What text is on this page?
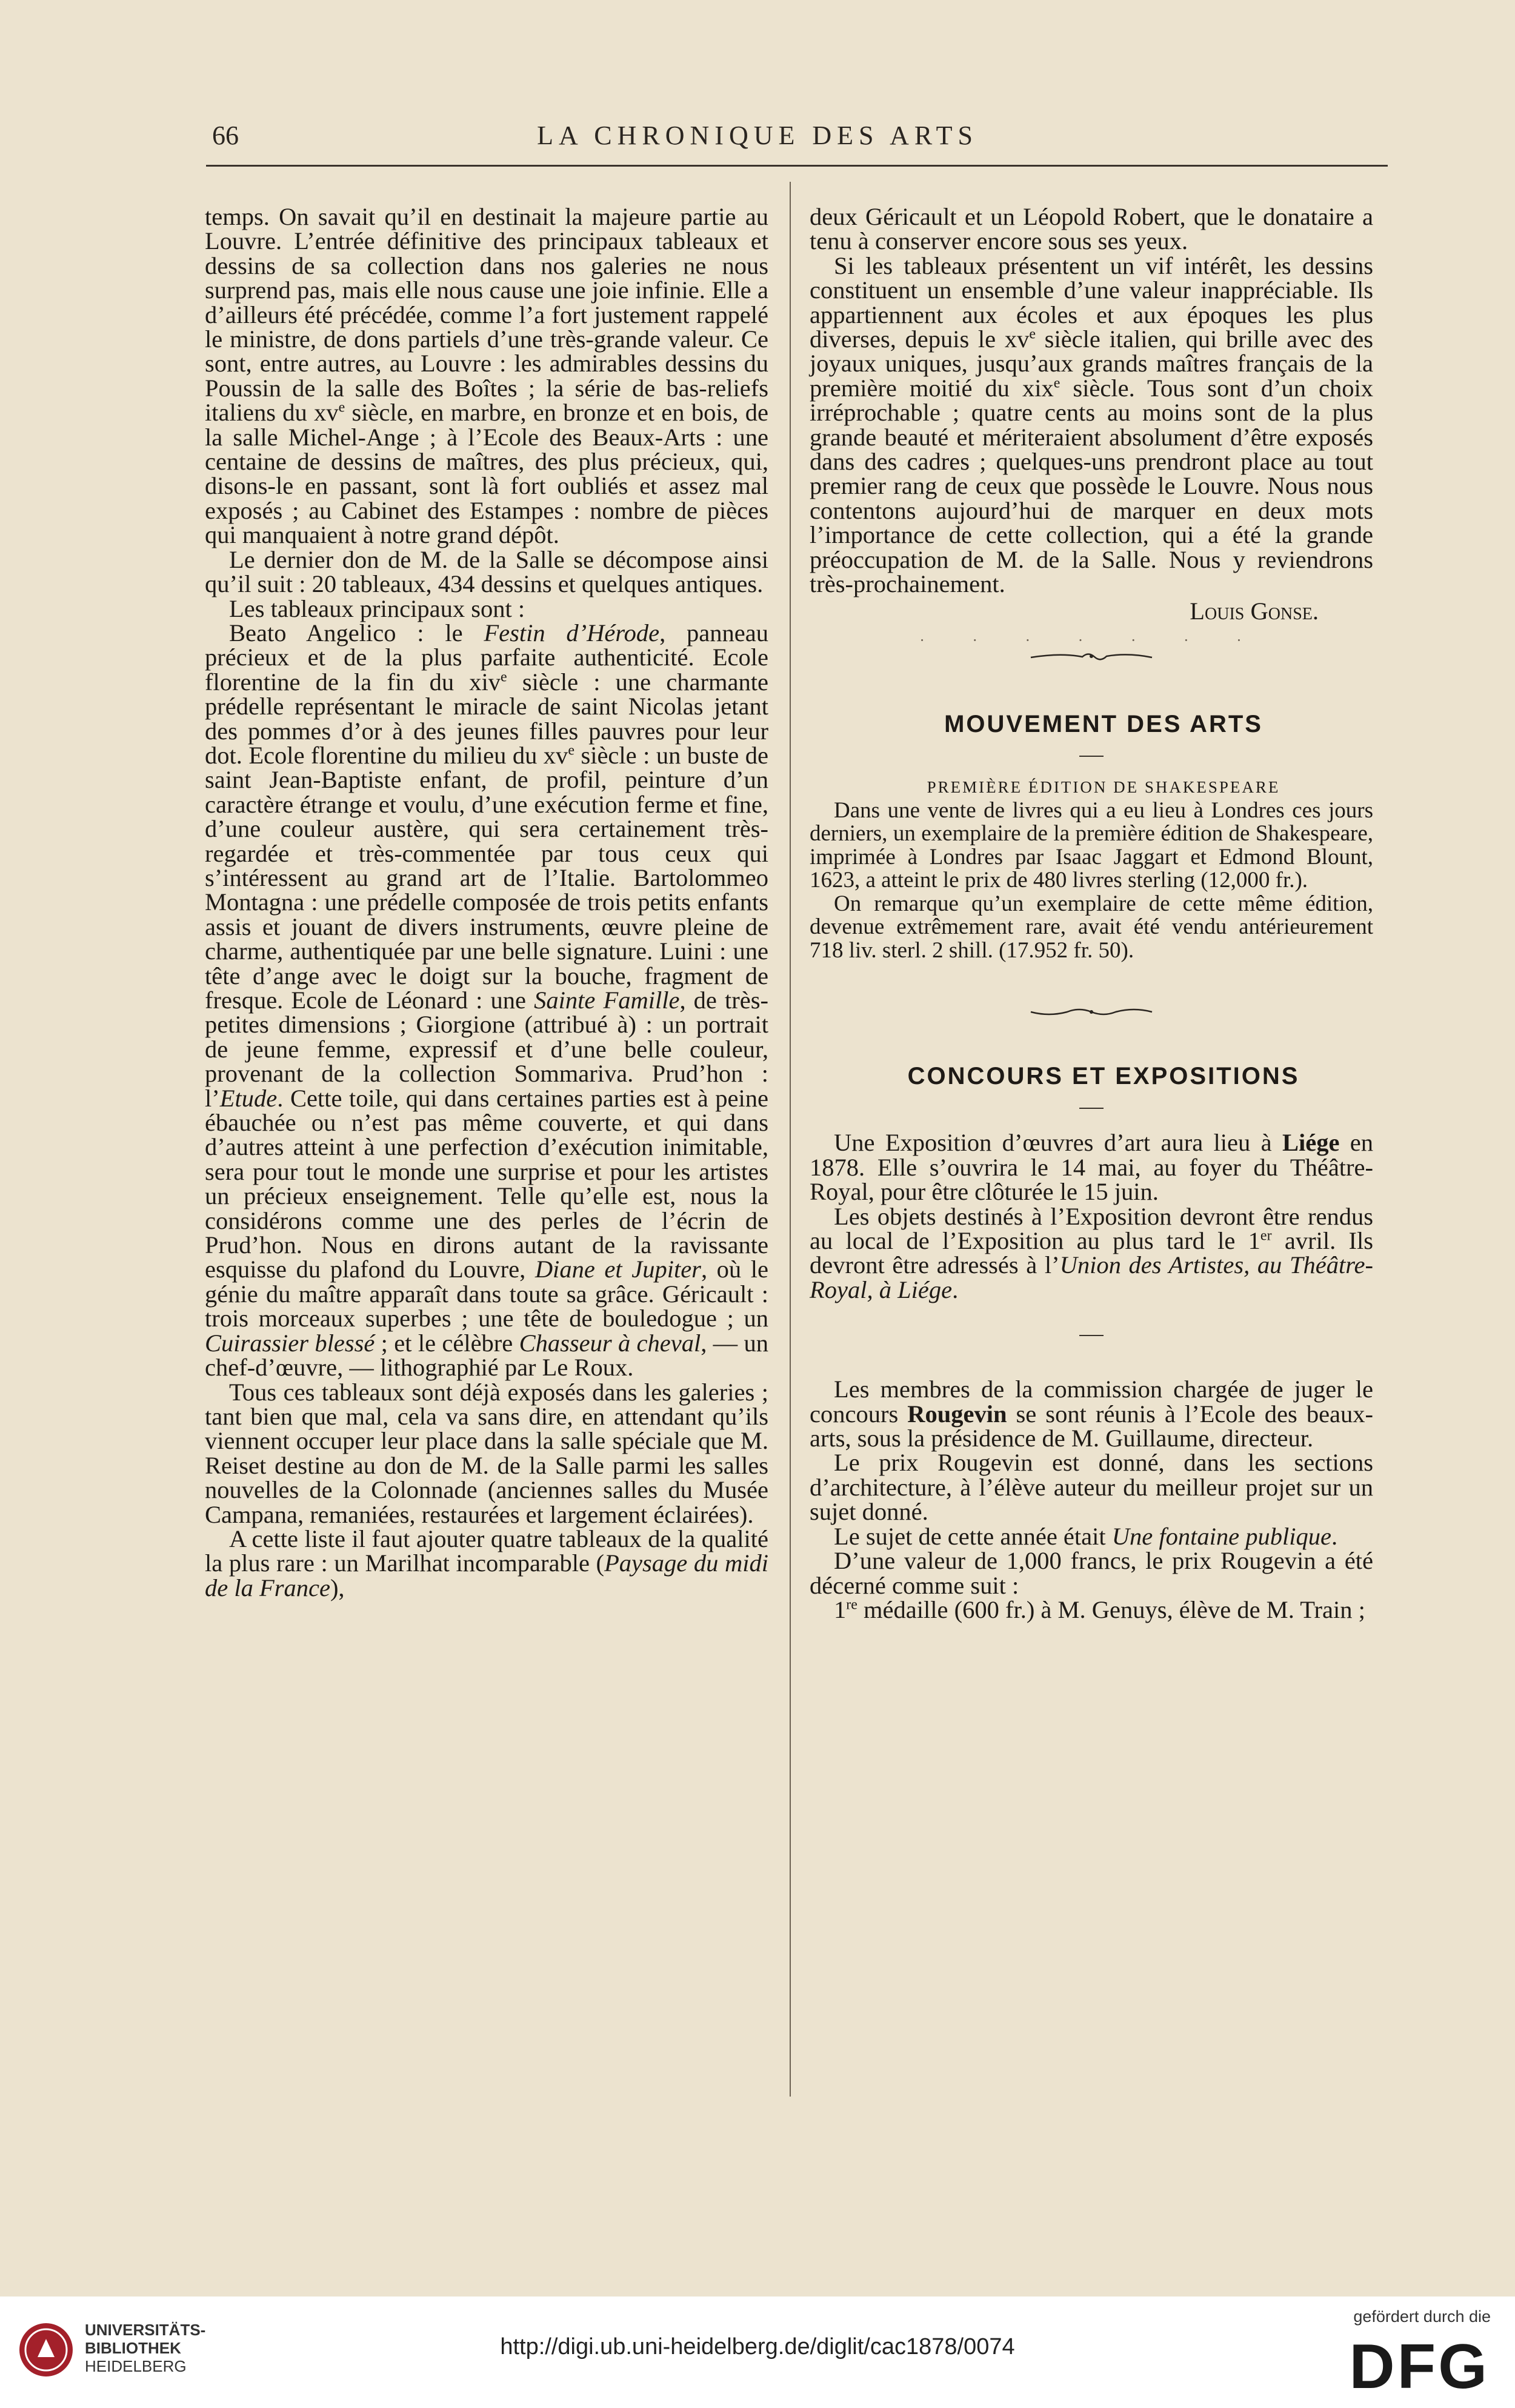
66	LA CHRONIQUE DES ARTS

temps. On savait qu’il en destinait la majeure partie au Louvre. L’entrée définitive des principaux tableaux et dessins de sa collection dans nos galeries ne nous surprend pas, mais elle nous cause une joie infinie. Elle a d’ailleurs été précédée, comme l’a fort justement rappelé le ministre, de dons partiels d’une très-grande valeur. Ce sont, entre autres, au Louvre : les admirables dessins du Poussin de la salle des Boîtes ; la série de bas-reliefs italiens du $xv^e$ siècle, en marbre, en bronze et en bois, de la salle Michel-Ange ; à l’Ecole des Beaux-Arts : une centaine de dessins de maîtres, des plus précieux, qui, disons-le en passant, sont là fort oubliés et assez mal exposés ; au Cabinet des Estampes : nombre de pièces qui manquaient à notre grand dépôt.

Le dernier don de M. de la Salle se décompose ainsi qu’il suit : 20 tableaux, 434 dessins et quelques antiques.

Les tableaux principaux sont :

Beato Angelico : le Festin d’Hérode, panneau précieux et de la plus parfaite authenticité. Ecole florentine de la fin du xiv$^e$ siècle : une charmante prédelle représentant le miracle de saint Nicolas jetant des pommes d’or à des jeunes filles pauvres pour leur dot. Ecole florentine du milieu du $xv^e$ siècle : un buste de saint Jean-Baptiste enfant, de profil, peinture d’un caractère étrange et voulu, d’une exécution ferme et fine, d’une couleur austère, qui sera certainement très-regardée et très-commentée par tous ceux qui s’intéressent au grand art de l’Italie. Bartolommeo Montagna : une prédelle composée de trois petits enfants assis et jouant de divers instruments, œuvre pleine de charme, authentiquée par une belle signature. Luini : une tête d’ange avec le doigt sur la bouche, fragment de fresque. Ecole de Léonard : une Sainte Famille, de très-petites dimensions ; Giorgione (attribué à) : un portrait de jeune femme, expressif et d’une belle couleur, provenant de la collection Sommariva. Prud’hon : l’Etude. Cette toile, qui dans certaines parties est à peine ébauchée ou n’est pas même couverte, et qui dans d’autres atteint à une perfection d’exécution inimitable, sera pour tout le monde une surprise et pour les artistes un précieux enseignement. Telle qu’elle est, nous la considérons comme une des perles de l’écrin de Prud’hon. Nous en dirons autant de la ravissante esquisse du plafond du Louvre, Diane et Jupiter, où le génie du maître apparaît dans toute sa grâce. Géricault : trois morceaux superbes ; une tête de bouledogue ; un Cuirassier blessé ; et le célèbre Chasseur à cheval, — un chef-d’œuvre, — lithographié par Le Roux.

Tous ces tableaux sont déjà exposés dans les galeries ; tant bien que mal, cela va sans dire, en attendant qu’ils viennent occuper leur place dans la salle spéciale que M. Reiset destine au don de M. de la Salle parmi les salles nouvelles de la Colonnade (anciennes salles du Musée Campana, remaniées, restaurées et largement éclairées).

A cette liste il faut ajouter quatre tableaux de la qualité la plus rare : un Marilhat incomparable (Paysage du midi de la France),

deux Géricault et un Léopold Robert, que le donataire a tenu à conserver encore sous ses yeux.

Si les tableaux présentent un vif intérêt, les dessins constituent un ensemble d’une valeur inappréciable. Ils appartiennent aux écoles et aux époques les plus diverses, depuis le $xv^e$ siècle italien, qui brille avec des joyaux uniques, jusqu’aux grands maîtres français de la première moitié du xix$^e$ siècle. Tous sont d’un choix irréprochable ; quatre cents au moins sont de la plus grande beauté et mériteraient absolument d’être exposés dans des cadres ; quelques-uns prendront place au tout premier rang de ceux que possède le Louvre. Nous nous contentons aujourd’hui de marquer en deux mots l’importance de cette collection, qui a été la grande préoccupation de M. de la Salle. Nous y reviendrons très-prochainement.

Louis Gonse.

· · · · · · ·

MOUVEMENT DES ARTS

PREMIÈRE ÉDITION DE SHAKESPEARE

Dans une vente de livres qui a eu lieu à Londres ces jours derniers, un exemplaire de la première édition de Shakespeare, imprimée à Londres par Isaac Jaggart et Edmond Blount, 1623, a atteint le prix de 480 livres sterling (12,000 fr.).

On remarque qu’un exemplaire de cette même édition, devenue extrêmement rare, avait été vendu antérieurement 718 liv. sterl. 2 shill. (17.952 fr. 50).

CONCOURS ET EXPOSITIONS

Une Exposition d’œuvres d’art aura lieu à Liége en 1878. Elle s’ouvrira le 14 mai, au foyer du Théâtre-Royal, pour être clôturée le 15 juin.

Les objets destinés à l’Exposition devront être rendus au local de l’Exposition au plus tard le 1er avril. Ils devront être adressés à l’Union des Artistes, au Théâtre-Royal, à Liége.

Les membres de la commission chargée de juger le concours Rougevin se sont réunis à l’Ecole des beaux-arts, sous la présidence de M. Guillaume, directeur.

Le prix Rougevin est donné, dans les sections d’architecture, à l’élève auteur du meilleur projet sur un sujet donné.

Le sujet de cette année était Une fontaine publique.

D’une valeur de 1,000 francs, le prix Rougevin a été décerné comme suit :

1re médaille (600 fr.) à M. Genuys, élève de M. Train ;

UNIVERSITÄTS-
BIBLIOTHEK
HEIDELBERG
http://digi.ub.uni-heidelberg.de/diglit/cac1878/0074
gefördert durch die
DFG
